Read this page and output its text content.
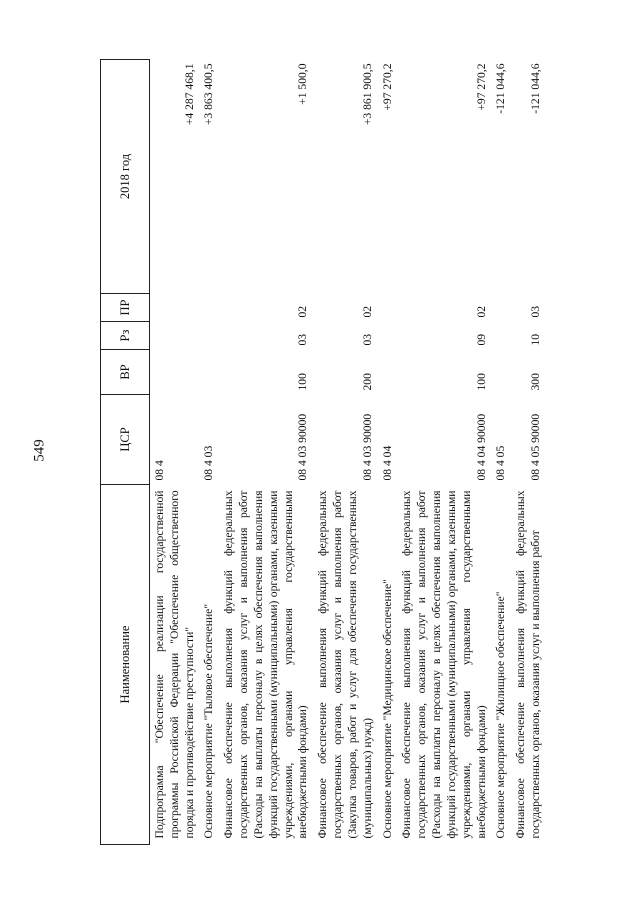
549
Наименование	ЦСР	ВР	Рз	ПР	2018 год
Подпрограмма "Обеспечение реализации государственной программы Российской Федерации "Обеспечение общественного порядка и противодействие преступности"	08 4				+4 287 468,1
Основное мероприятие "Тыловое обеспечение"	08 4 03				+3 863 400,5
Финансовое обеспечение выполнения функций федеральных государственных органов, оказания услуг и выполнения работ (Расходы на выплаты персоналу в целях обеспечения выполнения функций государственными (муниципальными) органами, казенными учреждениями, органами управления государственными внебюджетными фондами)	08 4 03 90000	100	03	02	+1 500,0
Финансовое обеспечение выполнения функций федеральных государственных органов, оказания услуг и выполнения работ (Закупка товаров, работ и услуг для обеспечения государственных (муниципальных) нужд)	08 4 03 90000	200	03	02	+3 861 900,5
Основное мероприятие "Медицинское обеспечение"	08 4 04				+97 270,2
Финансовое обеспечение выполнения функций федеральных государственных органов, оказания услуг и выполнения работ (Расходы на выплаты персоналу в целях обеспечения выполнения функций государственными (муниципальными) органами, казенными учреждениями, органами управления государственными внебюджетными фондами)	08 4 04 90000	100	09	02	+97 270,2
Основное мероприятие "Жилищное обеспечение"	08 4 05				-121 044,6
Финансовое обеспечение выполнения функций федеральных государственных органов, оказания услуг и выполнения работ	08 4 05 90000	300	10	03	-121 044,6
